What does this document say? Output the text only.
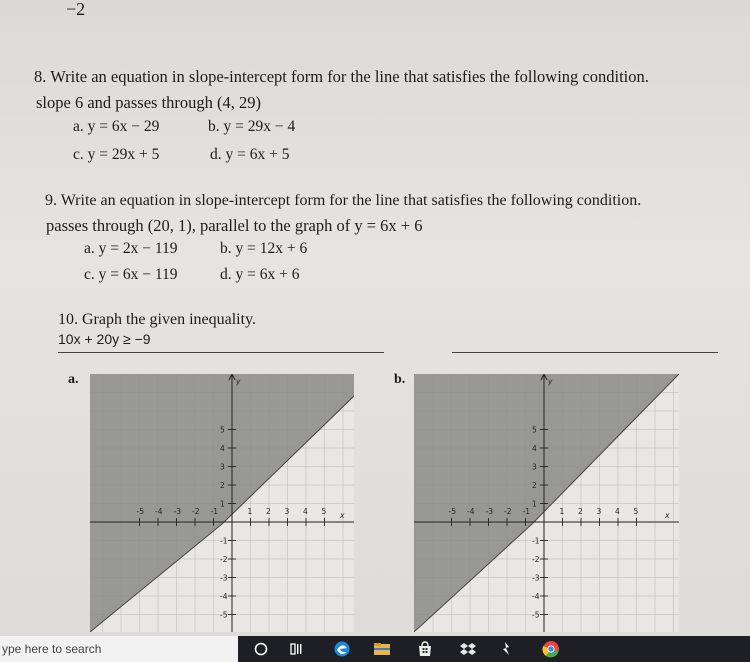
−2
8. Write an equation in slope-intercept form for the line that satisfies the following condition.
slope 6 and passes through (4, 29)
a. y = 6x − 29	b. y = 29x − 4
c. y = 29x + 5	d. y = 6x + 5
9. Write an equation in slope-intercept form for the line that satisfies the following condition.
passes through (20, 1), parallel to the graph of y = 6x + 6
a. y = 2x − 119	b. y = 12x + 6
c. y = 6x − 119	d. y = 6x + 6
10. Graph the given inequality.
10x + 20y ≥ −9
a.	b.
y
x
-5 -4 -3 -2 -1	1 2 3 4 5
5
4
3
2
1
-1
-2
-3
-4
-5
y
x
-5 -4 -3 -2 -1	1 2 3 4 5
5
4
3
2
1
-1
-2
-3
-4
-5
ype here to search
